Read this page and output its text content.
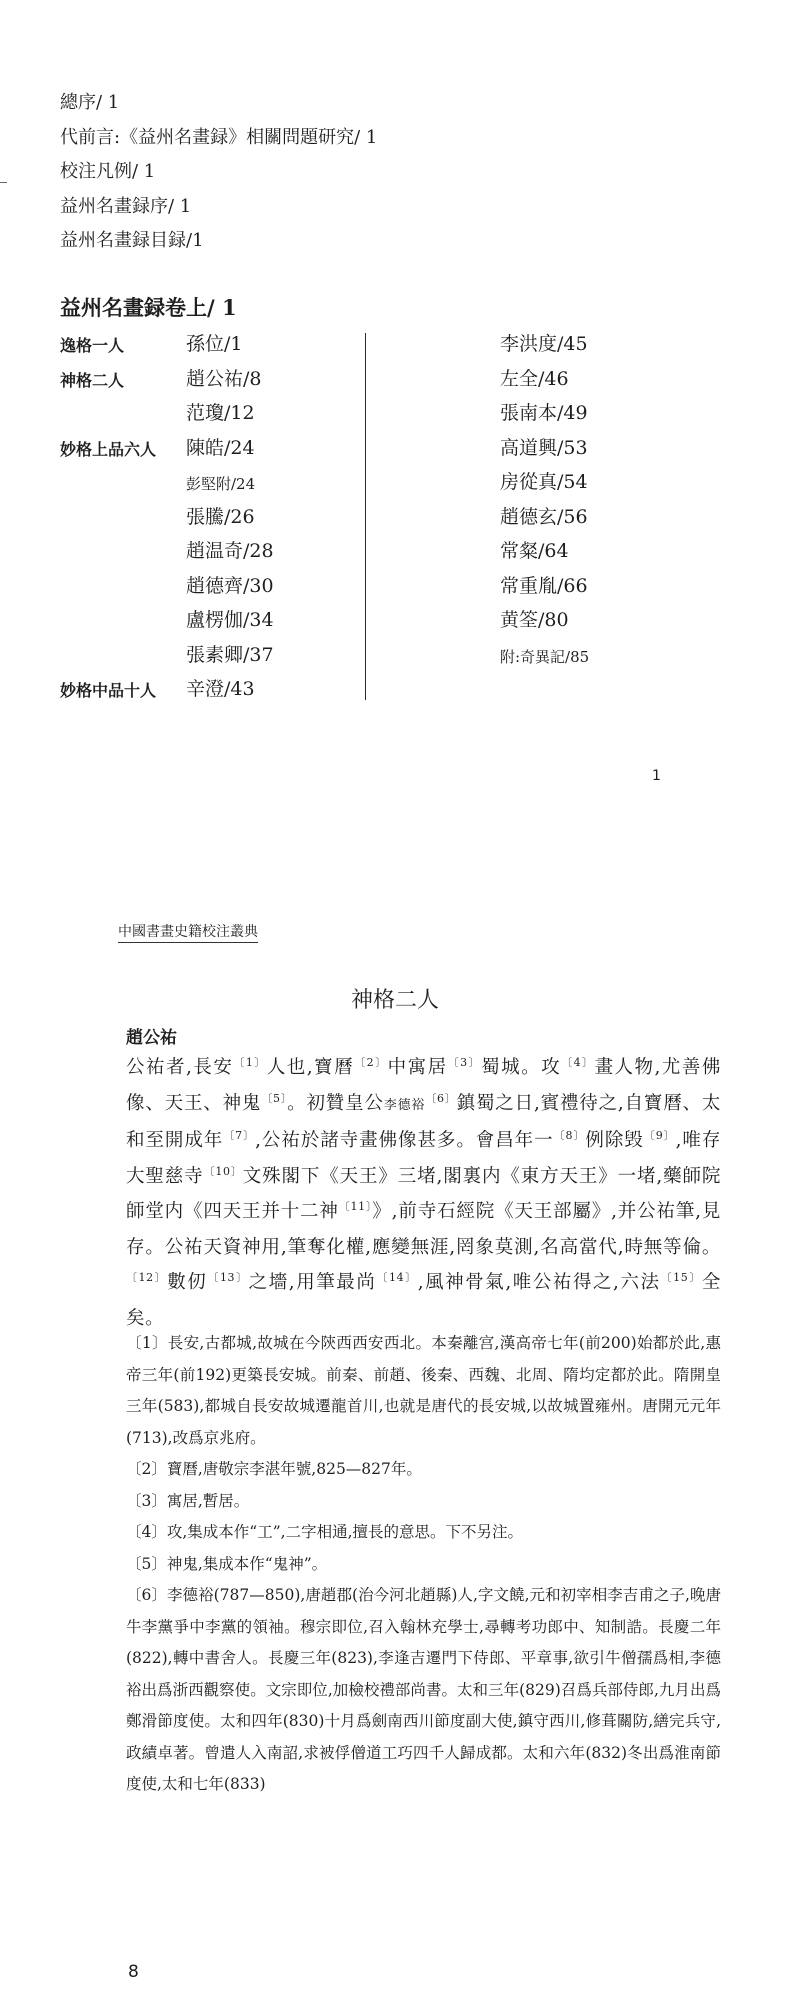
總序/ 1
代前言:《益州名畫録》相關問題研究/ 1
校注凡例/ 1
益州名畫録序/ 1
益州名畫録目録/1
益州名畫録卷上/ 1
逸格一人	孫位/1
神格二人	趙公祐/8
范瓊/12
妙格上品六人 陳皓/24
彭堅附/24
張騰/26
趙温奇/28
趙德齊/30
盧楞伽/34
張素卿/37
妙格中品十人 辛澄/43
李洪度/45
左全/46
張南本/49
高道興/53
房從真/54
趙德玄/56
常粲/64
常重胤/66
黄筌/80
附:奇異記/85
1
中國書畫史籍校注叢典
神格二人
趙公祐

公祐者,長安$^{〔1〕}$人也,寶曆$^{〔2〕}$中寓居$^{〔3〕}$蜀城。攻$^{〔4〕}$畫人物,尤善佛像、天王、神鬼$^{〔5〕}$。初贊皇公李德裕$^{〔6〕}$鎮蜀之日,賓禮待之,自寶曆、太和至開成年$^{〔7〕}$,公祐於諸寺畫佛像甚多。會昌年一$^{〔8〕}$例除毁$^{〔9〕}$,唯存大聖慈寺$^{〔10〕}$文殊閣下《天王》三堵,閣裏内《東方天王》一堵,藥師院師堂内《四天王并十二神$^{〔11〕}$》,前寺石經院《天王部屬》,并公祐筆,見存。公祐天資神用,筆奪化權,應變無涯,罔象莫測,名高當代,時無等倫。$^{〔12〕}$數仞$^{〔13〕}$之墻,用筆最尚$^{〔14〕}$,風神骨氣,唯公祐得之,六法$^{〔15〕}$全矣。

〔1〕長安,古都城,故城在今陝西西安西北。本秦離宫,漢高帝七年(前200)始都於此,惠帝三年(前192)更築長安城。前秦、前趙、後秦、西魏、北周、隋均定都於此。隋開皇三年(583),都城自長安故城遷龍首川,也就是唐代的長安城,以故城置雍州。唐開元元年(713),改爲京兆府。
〔2〕寶曆,唐敬宗李湛年號,825—827年。
〔3〕寓居,暫居。
〔4〕攻,集成本作“工”,二字相通,擅長的意思。下不另注。
〔5〕神鬼,集成本作“鬼神”。
〔6〕李德裕(787—850),唐趙郡(治今河北趙縣)人,字文饒,元和初宰相李吉甫之子,晚唐牛李黨爭中李黨的領袖。穆宗即位,召入翰林充學士,尋轉考功郎中、知制誥。長慶二年(822),轉中書舍人。長慶三年(823),李逢吉遷門下侍郎、平章事,欲引牛僧孺爲相,李德裕出爲浙西觀察使。文宗即位,加檢校禮部尚書。太和三年(829)召爲兵部侍郎,九月出爲鄭滑節度使。太和四年(830)十月爲劍南西川節度副大使,鎮守西川,修葺關防,繕完兵守,政績卓著。曾遣人入南詔,求被俘僧道工巧四千人歸成都。太和六年(832)冬出爲淮南節度使,太和七年(833)
8
